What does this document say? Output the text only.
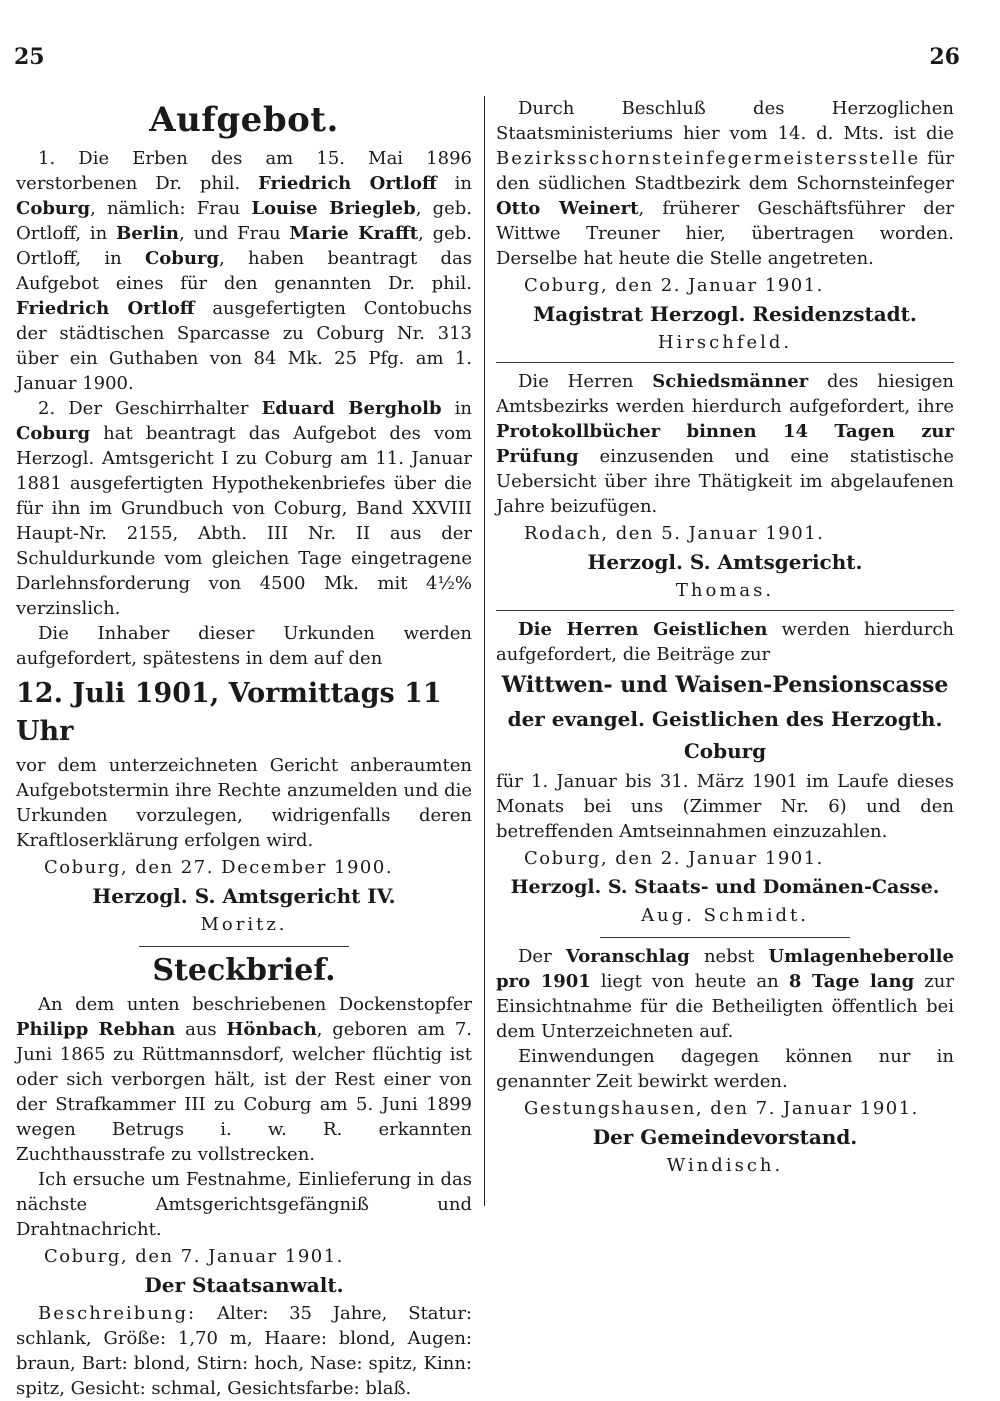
25	26
Aufgebot.

1. Die Erben des am 15. Mai 1896 verstorbenen Dr. phil. Friedrich Ortloff in Coburg, nämlich: Frau Louise Briegleb, geb. Ortloff, in Berlin, und Frau Marie Krafft, geb. Ortloff, in Coburg, haben beantragt das Aufgebot eines für den genannten Dr. phil. Friedrich Ortloff ausgefertigten Contobuchs der städtischen Sparcasse zu Coburg Nr. 313 über ein Guthaben von 84 Mk. 25 Pfg. am 1. Januar 1900.

2. Der Geschirrhalter Eduard Bergholb in Coburg hat beantragt das Aufgebot des vom Herzogl. Amtsgericht I zu Coburg am 11. Januar 1881 ausgefertigten Hypothekenbriefes über die für ihn im Grundbuch von Coburg, Band XXVIII Haupt-Nr. 2155, Abth. III Nr. II aus der Schuldurkunde vom gleichen Tage eingetragene Darlehnsforderung von 4500 Mk. mit 4½% verzinslich.

Die Inhaber dieser Urkunden werden aufgefordert, spätestens in dem auf den

12. Juli 1901, Vormittags 11 Uhr

vor dem unterzeichneten Gericht anberaumten Aufgebotstermin ihre Rechte anzumelden und die Urkunden vorzulegen, widrigenfalls deren Kraftloserklärung erfolgen wird.

Coburg, den 27. December 1900.
Herzogl. S. Amtsgericht IV.
Moritz.
Steckbrief.

An dem unten beschriebenen Dockenstopfer Philipp Rebhan aus Hönbach, geboren am 7. Juni 1865 zu Rüttmannsdorf, welcher flüchtig ist oder sich verborgen hält, ist der Rest einer von der Strafkammer III zu Coburg am 5. Juni 1899 wegen Betrugs i. w. R. erkannten Zuchthausstrafe zu vollstrecken.

Ich ersuche um Festnahme, Einlieferung in das nächste Amtsgerichtsgefängniß und Drahtnachricht.

Coburg, den 7. Januar 1901.
Der Staatsanwalt.

Beschreibung: Alter: 35 Jahre, Statur: schlank, Größe: 1,70 m, Haare: blond, Augen: braun, Bart: blond, Stirn: hoch, Nase: spitz, Kinn: spitz, Gesicht: schmal, Gesichtsfarbe: blaß.

Durch Beschluß des Herzoglichen Staatsministeriums hier vom 14. d. Mts. ist die Bezirksschornsteinfegermeistersstelle für den südlichen Stadtbezirk dem Schornsteinfeger Otto Weinert, früherer Geschäftsführer der Wittwe Treuner hier, übertragen worden. Derselbe hat heute die Stelle angetreten.

Coburg, den 2. Januar 1901.
Magistrat Herzogl. Residenzstadt.
Hirschfeld.

Die Herren Schiedsmänner des hiesigen Amtsbezirks werden hierdurch aufgefordert, ihre Protokollbücher binnen 14 Tagen zur Prüfung einzusenden und eine statistische Uebersicht über ihre Thätigkeit im abgelaufenen Jahre beizufügen.

Rodach, den 5. Januar 1901.
Herzogl. S. Amtsgericht.
Thomas.

Die Herren Geistlichen werden hierdurch aufgefordert, die Beiträge zur

Wittwen- und Waisen-Pensionscasse
der evangel. Geistlichen des Herzogth. Coburg

für 1. Januar bis 31. März 1901 im Laufe dieses Monats bei uns (Zimmer Nr. 6) und den betreffenden Amtseinnahmen einzuzahlen.

Coburg, den 2. Januar 1901.
Herzogl. S. Staats- und Domänen-Casse.
Aug. Schmidt.

Der Voranschlag nebst Umlagenheberolle pro 1901 liegt von heute an 8 Tage lang zur Einsichtnahme für die Betheiligten öffentlich bei dem Unterzeichneten auf.

Einwendungen dagegen können nur in genannter Zeit bewirkt werden.

Gestungshausen, den 7. Januar 1901.
Der Gemeindevorstand.
Windisch.
